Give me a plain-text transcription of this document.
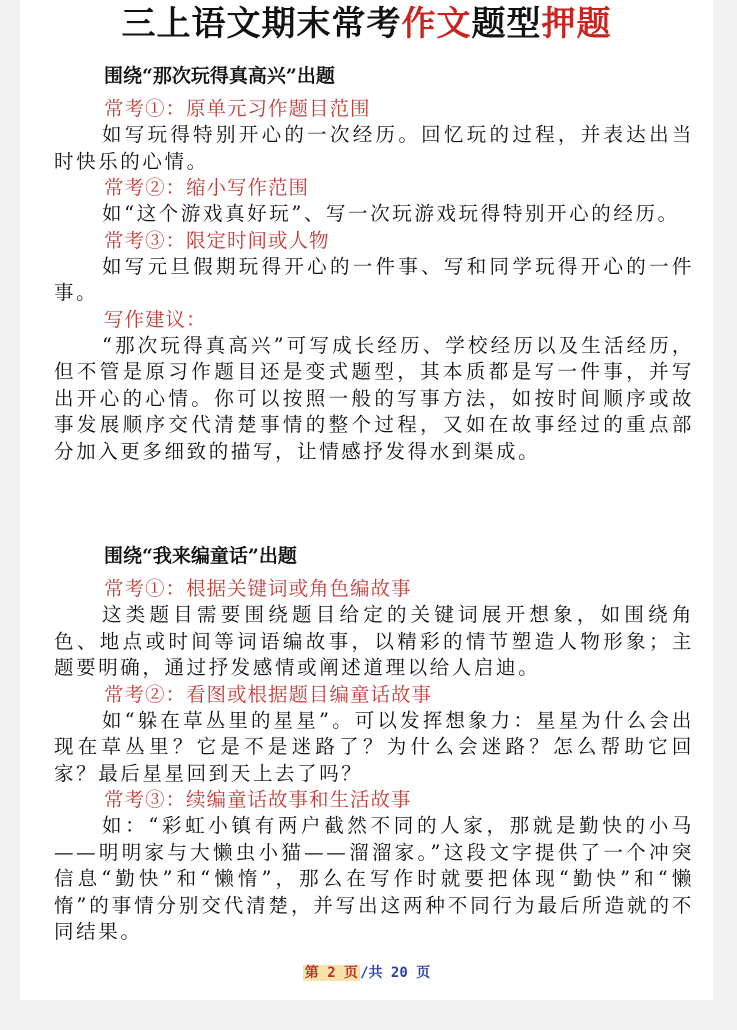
三上语文期末常考作文题型押题
围绕“那次玩得真高兴”出题
常考①：原单元习作题目范围
如写玩得特别开心的一次经历。回忆玩的过程，并表达出当时快乐的心情。
常考②：缩小写作范围
如“这个游戏真好玩”、写一次玩游戏玩得特别开心的经历。
常考③：限定时间或人物
如写元旦假期玩得开心的一件事、写和同学玩得开心的一件事。
写作建议：
“那次玩得真高兴”可写成长经历、学校经历以及生活经历，但不管是原习作题目还是变式题型，其本质都是写一件事，并写出开心的心情。你可以按照一般的写事方法，如按时间顺序或故事发展顺序交代清楚事情的整个过程，又如在故事经过的重点部分加入更多细致的描写，让情感抒发得水到渠成。
围绕“我来编童话”出题
常考①：根据关键词或角色编故事
这类题目需要围绕题目给定的关键词展开想象，如围绕角色、地点或时间等词语编故事，以精彩的情节塑造人物形象；主题要明确，通过抒发感情或阐述道理以给人启迪。
常考②：看图或根据题目编童话故事
如“躲在草丛里的星星”。可以发挥想象力：星星为什么会出现在草丛里？它是不是迷路了？为什么会迷路？怎么帮助它回家？最后星星回到天上去了吗？
常考③：续编童话故事和生活故事
如：“彩虹小镇有两户截然不同的人家，那就是勤快的小马——明明家与大懒虫小猫——溜溜家。”这段文字提供了一个冲突信息“勤快”和“懒惰”，那么在写作时就要把体现“勤快”和“懒惰”的事情分别交代清楚，并写出这两种不同行为最后所造就的不同结果。
第 2 页 /共 20 页
